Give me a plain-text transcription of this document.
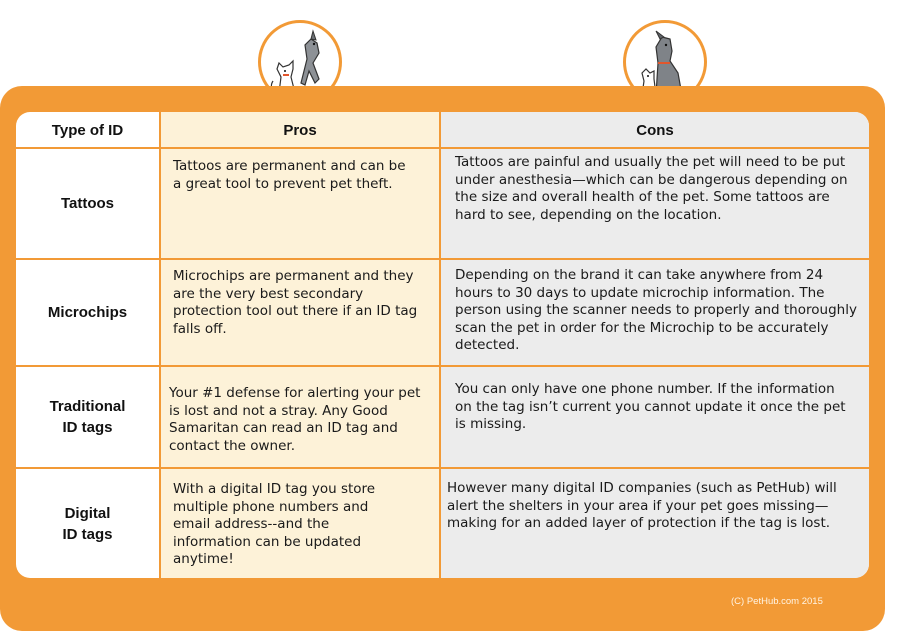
Type of ID	Pros	Cons
Tattoos
Tattoos are permanent and can be a great tool to prevent pet theft.
Tattoos are painful and usually the pet will need to be put under anesthesia—which can be dangerous depending on the size and overall health of the pet. Some tattoos are hard to see, depending on the location.
Microchips
Microchips are permanent and they are the very best secondary protection tool out there if an ID tag falls off.
Depending on the brand it can take anywhere from 24 hours to 30 days to update microchip information. The person using the scanner needs to properly and thoroughly scan the pet in order for the Microchip to be accurately detected.
Traditional ID tags
Your #1 defense for alerting your pet is lost and not a stray. Any Good Samaritan can read an ID tag and contact the owner.
You can only have one phone number. If the information on the tag isn’t current you cannot update it once the pet is missing.
Digital ID tags
With a digital ID tag you store multiple phone numbers and email address--and the information can be updated anytime!
However many digital ID companies (such as PetHub) will alert the shelters in your area if your pet goes missing—making for an added layer of protection if the tag is lost.
(C) PetHub.com 2015
